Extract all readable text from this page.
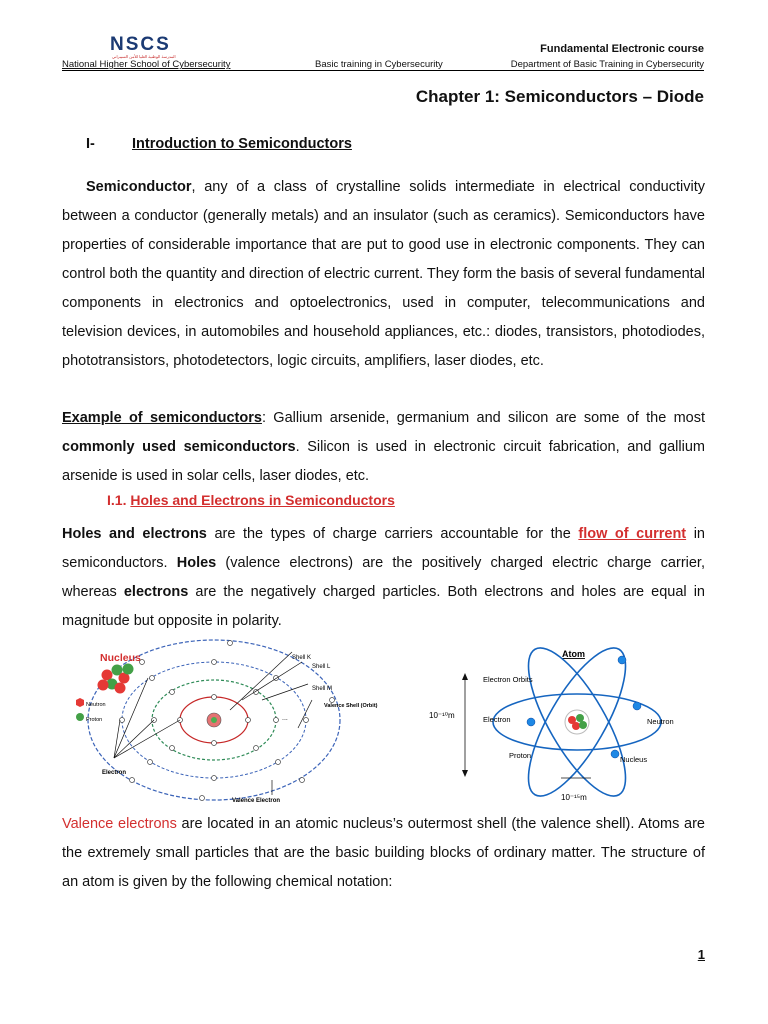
NSCS
المدرسة الوطنية العليا للأمن السيبراني
Fundamental Electronic course
National Higher School of Cybersecurity	Basic training in Cybersecurity	Department of Basic Training in Cybersecurity
Chapter 1: Semiconductors – Diode
I-	Introduction to Semiconductors
Semiconductor, any of a class of crystalline solids intermediate in electrical conductivity between a conductor (generally metals) and an insulator (such as ceramics). Semiconductors have properties of considerable importance that are put to good use in electronic components. They can control both the quantity and direction of electric current. They form the basis of several fundamental components in electronics and optoelectronics, used in computer, telecommunications and television devices, in automobiles and household appliances, etc.: diodes, transistors, photodiodes, phototransistors, photodetectors, logic circuits, amplifiers, laser diodes, etc.
Example of semiconductors: Gallium arsenide, germanium and silicon are some of the most commonly used semiconductors. Silicon is used in electronic circuit fabrication, and gallium arsenide is used in solar cells, laser diodes, etc.
I.1. Holes and Electrons in Semiconductors
Holes and electrons are the types of charge carriers accountable for the flow of current in semiconductors. Holes (valence electrons) are the positively charged electric charge carrier, whereas electrons are the negatively charged particles. Both electrons and holes are equal in magnitude but opposite in polarity.
Nucleus
Neutron
Proton
Electron
Shell K
Shell L
Shell M
Valence Shell (Orbit)
...
Valence Electron
Atom
Electron Orbits
Electron	Neutron
Proton	Nucleus
10⁻¹⁰m
10⁻¹⁵m
Valence electrons are located in an atomic nucleus’s outermost shell (the valence shell). Atoms are the extremely small particles that are the basic building blocks of ordinary matter. The structure of an atom is given by the following chemical notation:
1
